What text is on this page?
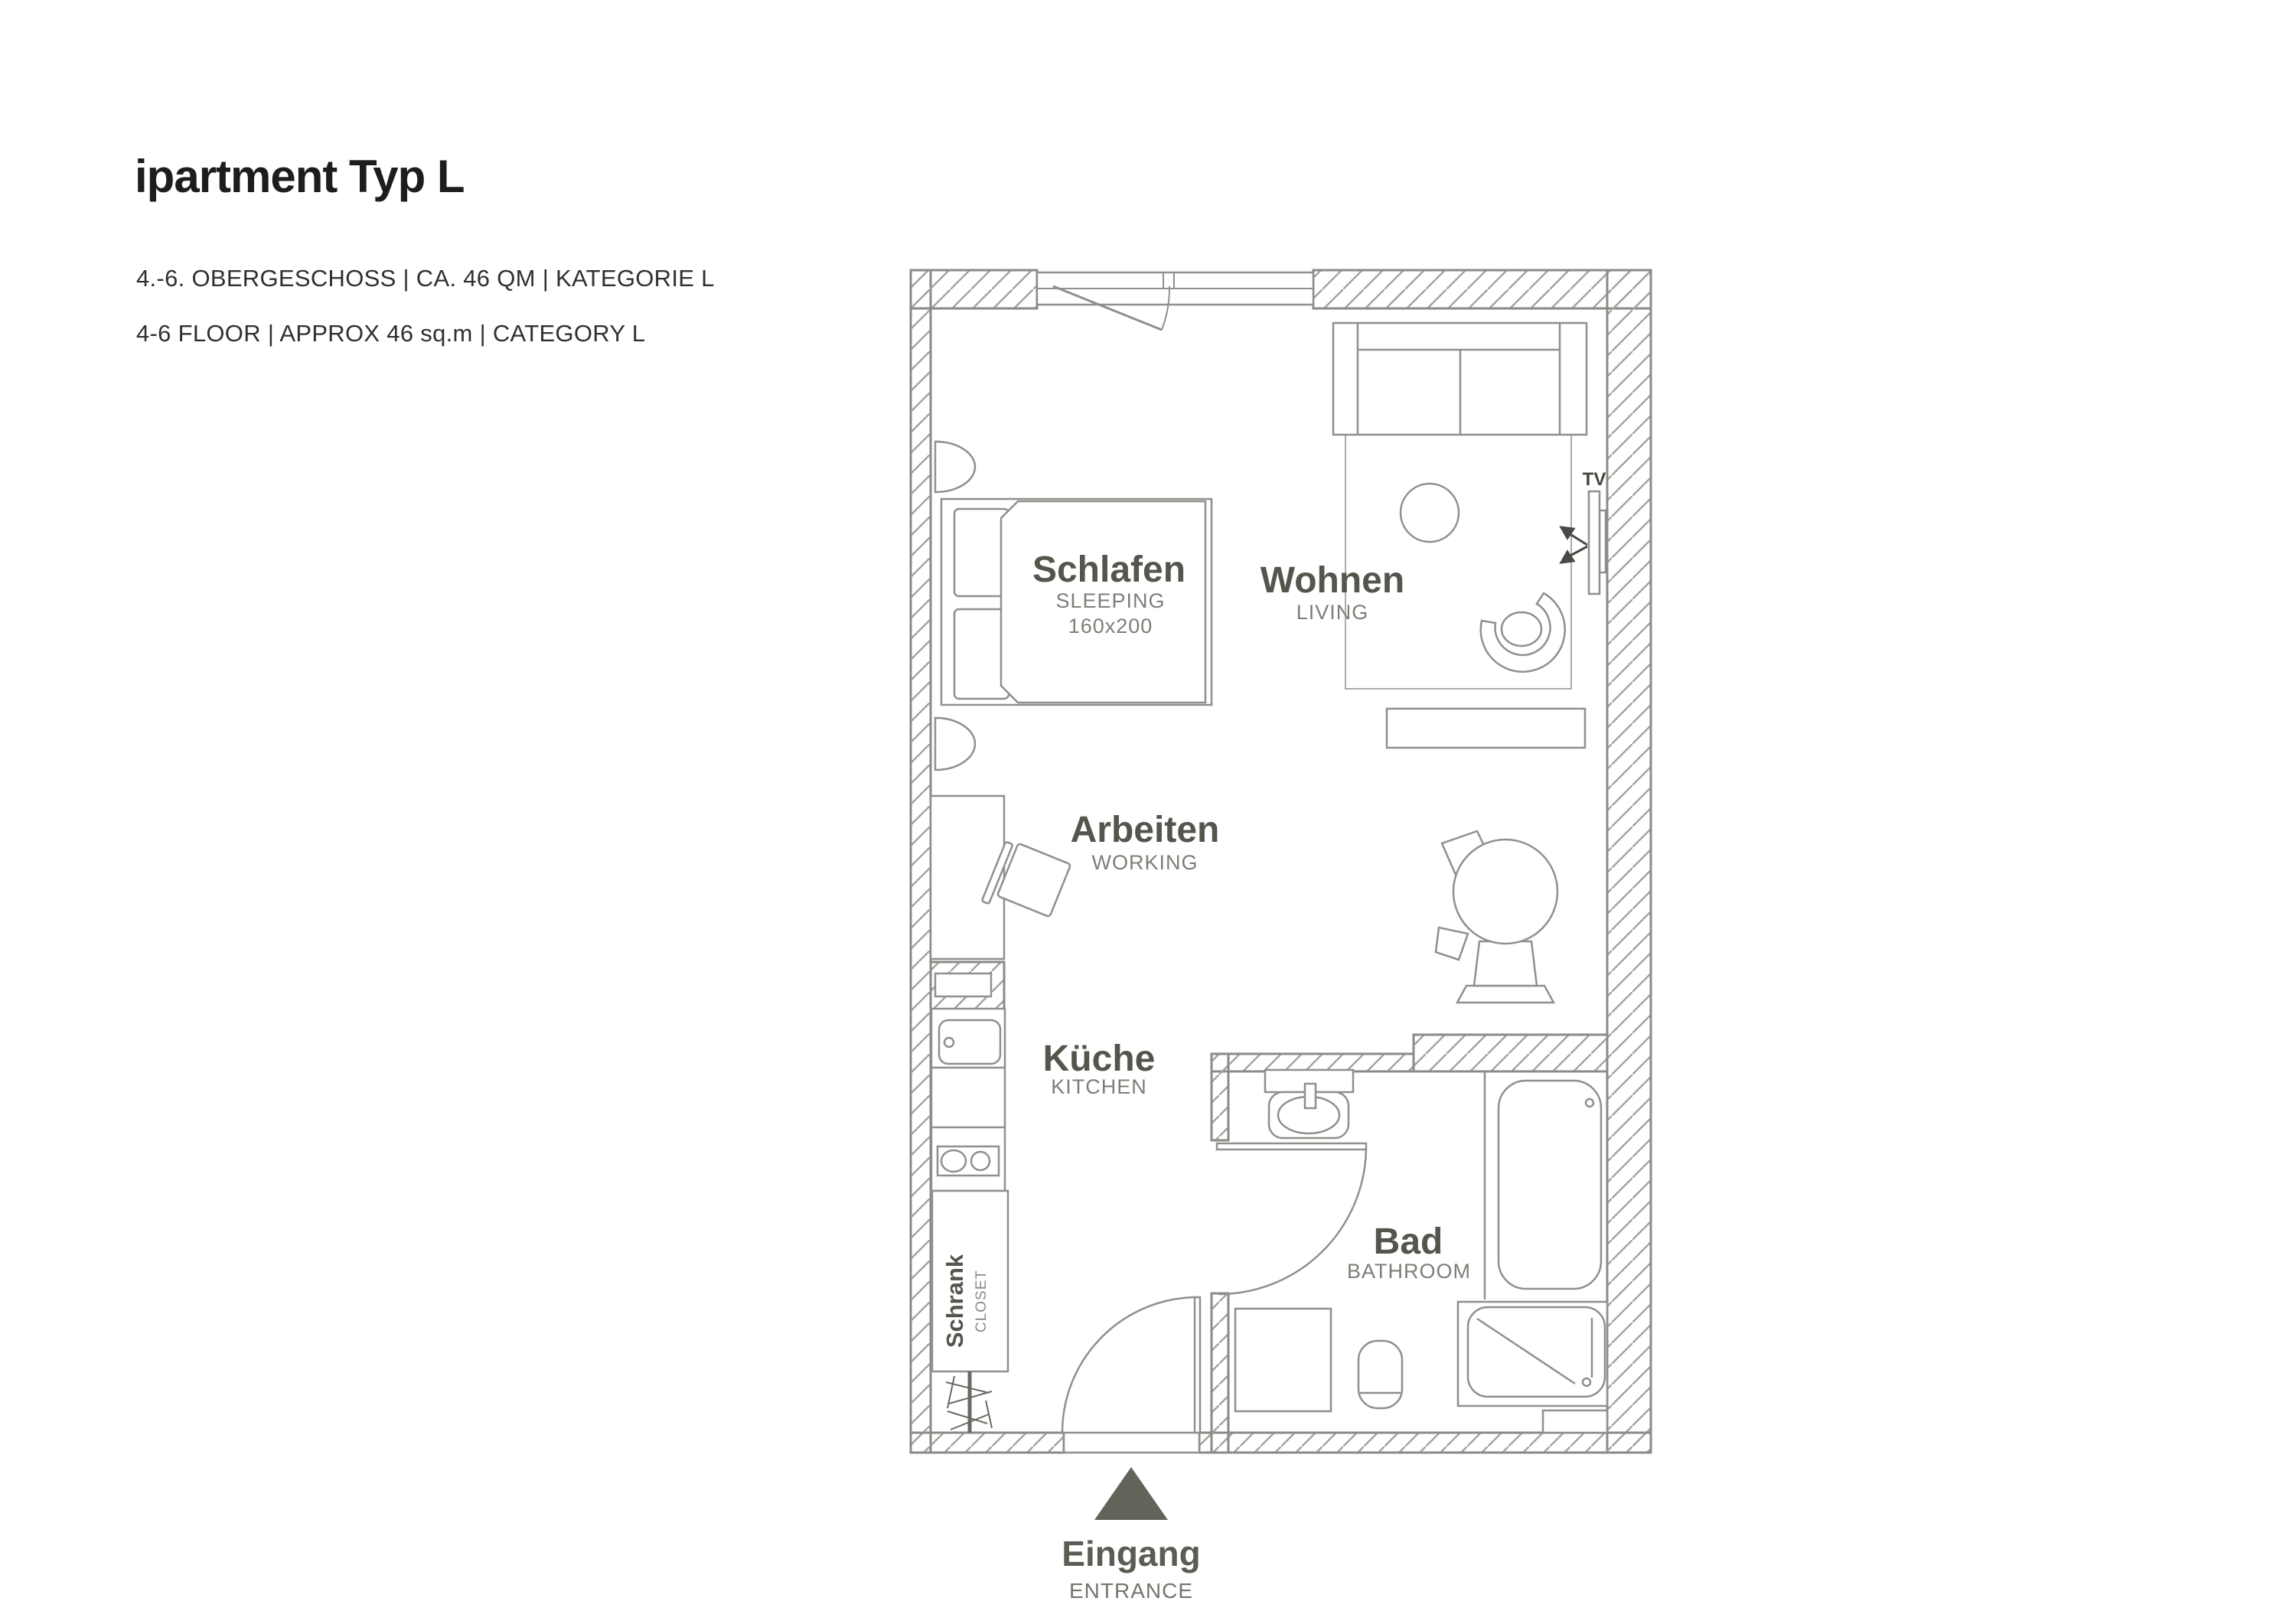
ipartment Typ L
4.-6. OBERGESCHOSS | CA. 46 QM | KATEGORIE L
4-6 FLOOR | APPROX 46 sq.m | CATEGORY L
Schlafen
SLEEPING
160x200
Wohnen
LIVING
Arbeiten
WORKING
Küche
KITCHEN
Bad
BATHROOM
Schrank CLOSET
TV
Eingang
ENTRANCE
